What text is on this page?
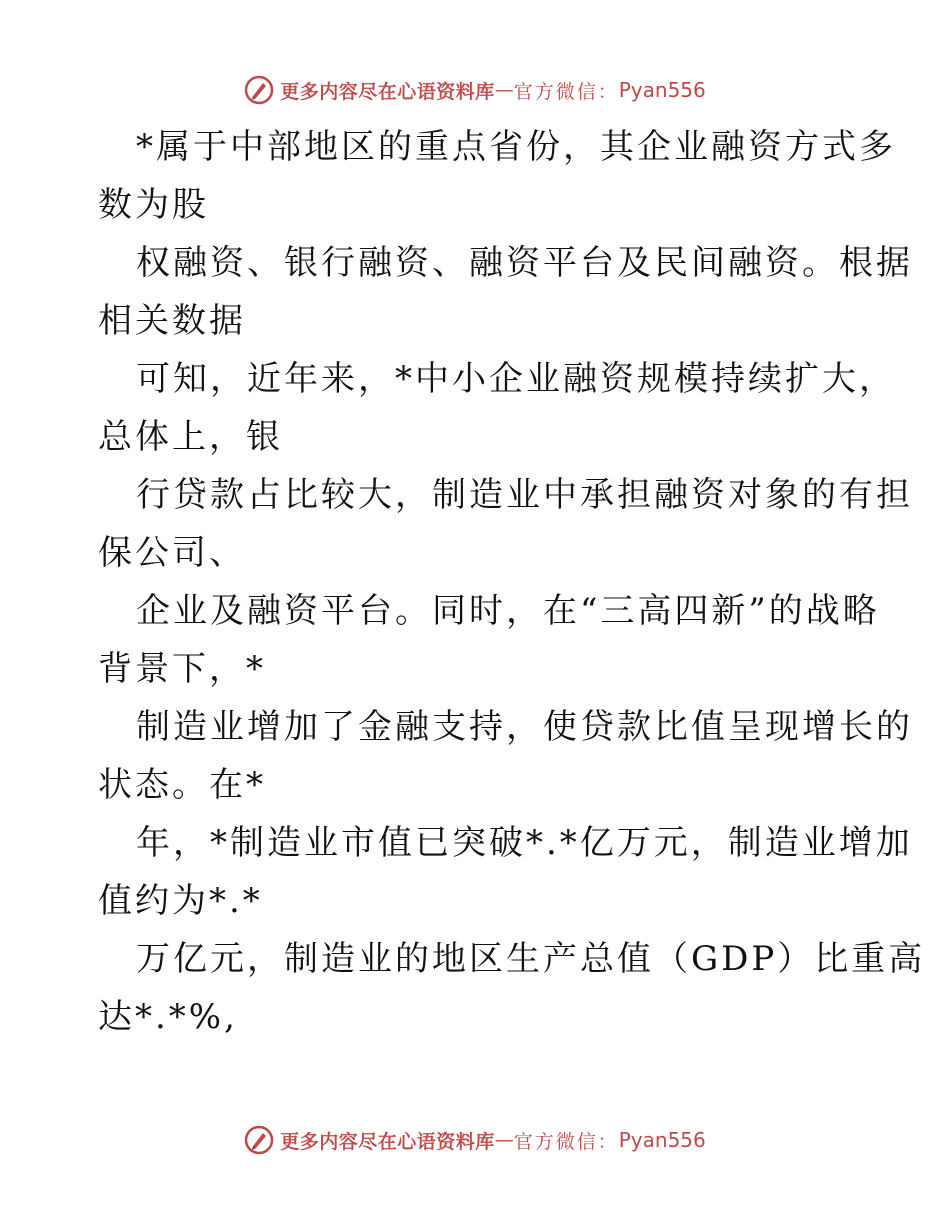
更多内容尽在心语资料库 — 官方微信： Pyan556
*属于中部地区的重点省份，其企业融资方式多
数为股
权融资、银行融资、融资平台及民间融资。根据
相关数据
可知，近年来，*中小企业融资规模持续扩大，
总体上，银
行贷款占比较大，制造业中承担融资对象的有担
保公司、
企业及融资平台。同时，在“三高四新”的战略
背景下，*
制造业增加了金融支持，使贷款比值呈现增长的
状态。在*
年，*制造业市值已突破*.*亿万元，制造业增加
值约为*.*
万亿元，制造业的地区生产总值（GDP）比重高
达*.*%,
更多内容尽在心语资料库 — 官方微信： Pyan556
